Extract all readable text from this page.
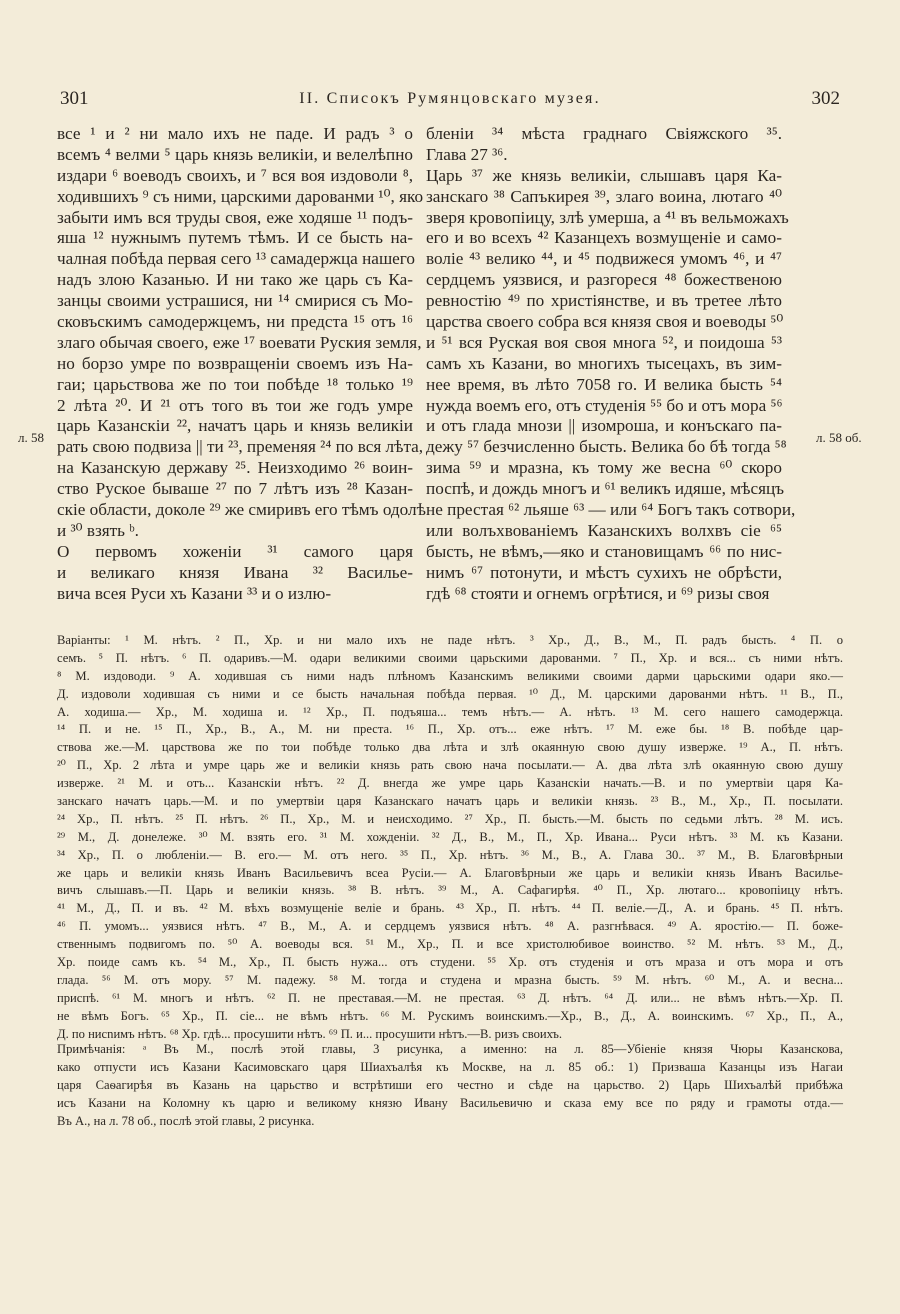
301	II. Списокъ Румянцовскаго музея.	302
все ¹ и ² ни мало ихъ не паде. И радъ ³ о
всемъ ⁴ велми ⁵ царь князь великiи, и велелѣпно
издари ⁶ воеводъ своихъ, и ⁷ вся воя издоволи ⁸,
ходившихъ ⁹ съ ними, царскими дарованми ¹⁰, яко
забыти имъ вся труды своя, еже ходяше ¹¹ подъ-
яша ¹² нужнымъ путемъ тѣмъ. И се бысть на-
чалная побѣда первая сего ¹³ самадержца нашего
надъ злою Казанью. И ни тако же царь съ Ка-
занцы своими устрашися, ни ¹⁴ смирися съ Мо-
сковъскимъ самодержцемъ, ни предста ¹⁵ отъ ¹⁶
злаго обычая своего, еже ¹⁷ воевати Руския земля,
но борзо умре по возвращенiи своемъ изъ На-
гаи; царьствова же по тои побѣде ¹⁸ только ¹⁹
2 лѣта ²⁰. И ²¹ отъ того въ тои же годъ умре
царь Казанскiи ²², начатъ царь и князь великiи
рать свою подвиза || ти ²³, пременяя ²⁴ по вся лѣта,
на Казанскую державу ²⁵. Неизходимо ²⁶ воин-
ство Руское бываше ²⁷ по 7 лѣтъ изъ ²⁸ Казан-
скiе области, доколе ²⁹ же смиривъ его тѣмъ одолѣ
и ³⁰ взять ᵇ.
О первомъ хожeнiи ³¹ самого царя
и великаго князя Ивана ³² Василье-
вича всея Руси хъ Казани ³³ и o излю-
бленiи ³⁴ мѣста граднаго Свiяжского ³⁵.
Глава 27 ³⁶.
Царь ³⁷ же князь великiи, слышавъ царя Ка-
занскаго ³⁸ Сапъкирея ³⁹, злаго воина, лютаго ⁴⁰
зверя кровопiицу, злѣ умерша, а ⁴¹ въ вельможахъ
его и во всехъ ⁴² Казанцехъ возмущенiе и само-
воліе ⁴³ велико ⁴⁴, и ⁴⁵ подвижеся умомъ ⁴⁶, и ⁴⁷
сердцемъ уязвися, и разгореся ⁴⁸ божественою
ревностiю ⁴⁹ по христiянстве, и въ третее лѣто
царства своего собра вся князя своя и воеводы ⁵⁰
и ⁵¹ вся Руская воя своя многа ⁵², и поидоша ⁵³
самъ хъ Казани, во многихъ тысецахъ, въ зим-
нее время, въ лѣто 7058 го. И велика бысть ⁵⁴
нужда воемъ его, отъ студенiя ⁵⁵ бо и отъ мора ⁵⁶
и отъ глада мнози || изомроша, и конъскаго па-
дежу ⁵⁷ безчисленно бысть. Велика бо бѣ тогда ⁵⁸
зима ⁵⁹ и мразна, къ тому же весна ⁶⁰ скоро
поспѣ, и дождь многъ и ⁶¹ великъ идяше, мѣсяцъ
не престая ⁶² льяше ⁶³ — или ⁶⁴ Богъ такъ сотвори,
или волъхвованiемъ Казанскихъ волхвъ сiе ⁶⁵
бысть, не вѣмъ,—яко и становищамъ ⁶⁶ по нис-
нимъ ⁶⁷ потонути, и мѣстъ сухихъ не обрѣсти,
гдѣ ⁶⁸ стояти и огнемъ огрѣтися, и ⁶⁹ ризы своя
л. 58	л. 58 об.
Варіанты: ¹ М. нѣтъ. ² П., Хр. и ни мало ихъ не паде нѣтъ. ³ Хр., Д., В., М., П. радъ бысть. ⁴ П. о
семъ. ⁵ П. нѣтъ. ⁶ П. одаривъ.—М. одари великими своими царьскими дарованми. ⁷ П., Хр. и вся... съ ними нѣтъ.
⁸ М. издоводи. ⁹ А. ходившая съ ними надъ плѣномъ Казанскимъ великими своими дарми царьскими одари яко.—
Д. издоволи ходившая съ ними и се бысть начальная побѣда первая. ¹⁰ Д., М. царскими дарованми нѣтъ. ¹¹ В., П.,
А. ходиша.— Хр., М. ходиша и. ¹² Хр., П. подъяша... темъ нѣтъ.— А. нѣтъ. ¹³ М. сего нашего самодержца.
¹⁴ П. и не. ¹⁵ П., Хр., В., А., М. ни преста. ¹⁶ П., Хр. отъ... еже нѣтъ. ¹⁷ М. еже бы. ¹⁸ В. побѣде цар-
ствова же.—М. царствова же по тои побѣде только два лѣта и злѣ окаянную свою душу изверже. ¹⁹ А., П. нѣтъ.
²⁰ П., Хр. 2 лѣта и умре царь же и великiи князь рать свою нача посылати.— А. два лѣта злѣ окаянную свою душу
изверже. ²¹ М. и отъ... Казанскiи нѣтъ. ²² Д. внегда же умре царь Казанскiи начать.—В. и по умертвiи царя Ка-
занскаго начатъ царь.—М. и по умертвiи царя Казанскаго начатъ царь и великiи князь. ²³ В., М., Хр., П. посылати.
²⁴ Хр., П. нѣтъ. ²⁵ П. нѣтъ. ²⁶ П., Хр., М. и неисходимо. ²⁷ Хр., П. бысть.—М. бысть по седьми лѣтъ. ²⁸ М. исъ.
²⁹ М., Д. донележе. ³⁰ М. взять его. ³¹ М. хожденiи. ³² Д., В., М., П., Хр. Ивана... Руси нѣтъ. ³³ М. къ Казани.
³⁴ Хр., П. о любленiи.— В. его.— М. отъ него. ³⁵ П., Хр. нѣтъ. ³⁶ М., В., А. Глава 30.. ³⁷ М., В. Благовѣрныи
же царь и великiи князь Иванъ Васильевичъ всеа Русiи.— А. Благовѣрныи же царь и великiи князь Иванъ Василье-
вичъ слышавъ.—П. Царь и великiи князь. ³⁸ В. нѣтъ. ³⁹ М., А. Сафагирѣя. ⁴⁰ П., Хр. лютаго... кровопiицу нѣтъ.
⁴¹ М., Д., П. и въ. ⁴² М. вѣхъ возмущенiе велiе и брань. ⁴³ Хр., П. нѣтъ. ⁴⁴ П. велiе.—Д., А. и брань. ⁴⁵ П. нѣтъ.
⁴⁶ П. умомъ... уязвися нѣтъ. ⁴⁷ В., М., А. и сердцемъ уязвися нѣтъ. ⁴⁸ А. разгнѣвася. ⁴⁹ А. яростiю.— П. боже-
ственнымъ подвигомъ по. ⁵⁰ А. воеводы вся. ⁵¹ М., Хр., П. и все христолюбивое воинство. ⁵² М. нѣтъ. ⁵³ М., Д.,
Хр. поиде самъ къ. ⁵⁴ М., Хр., П. бысть нужа... отъ студени. ⁵⁵ Хр. отъ студенiя и отъ мраза и отъ мора и отъ
глада. ⁵⁶ М. отъ мору. ⁵⁷ М. падежу. ⁵⁸ М. тогда и студена и мразна бысть. ⁵⁹ М. нѣтъ. ⁶⁰ М., А. и весна...
приспѣ. ⁶¹ М. многъ и нѣтъ. ⁶² П. не преставая.—М. не престая. ⁶³ Д. нѣтъ. ⁶⁴ Д. или... не вѣмъ нѣтъ.—Хр. П.
не вѣмъ Богъ. ⁶⁵ Хр., П. сiе... не вѣмъ нѣтъ. ⁶⁶ М. Рускимъ воинскимъ.—Хр., В., Д., А. воинскимъ. ⁶⁷ Хр., П., А.,
Д. по нисnимъ нѣтъ. ⁶⁸ Хр. гдѣ... просушити нѣтъ. ⁶⁹ П. и... просушити нѣтъ.—В. ризъ своихъ.
Примѣчанiя: ᵃ Въ М., послѣ этой главы, 3 рисунка, а именно: на л. 85—Убiенiе князя Чюры Казанскова,
како отпусти исъ Казани Касимовскаго царя Шиахъалѣя къ Москве, на л. 85 об.: 1) Призваша Казанцы изъ Нагаи
царя Саѳагирѣя въ Казань на царьство и встрѣтиши его честно и сѣде на царьство. 2) Царь Шихъалѣй прибѣжа
исъ Казани на Коломну къ царю и великому князю Ивану Васильевичю и сказа ему все по ряду и грамоты отда.—
Въ А., на л. 78 об., послѣ этой главы, 2 рисунка.
